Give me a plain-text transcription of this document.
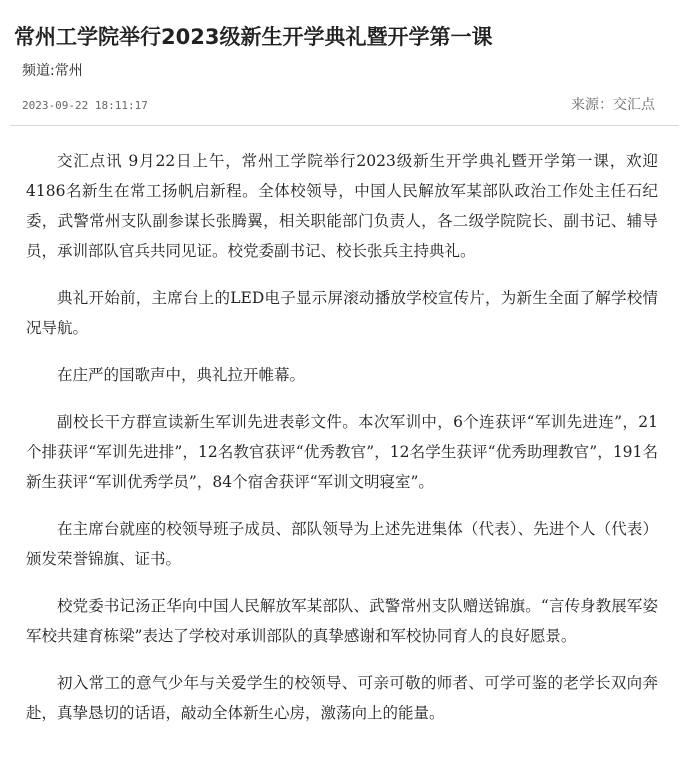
常州工学院举行2023级新生开学典礼暨开学第一课
频道:常州
2023-09-22 18:11:17	来源：交汇点

交汇点讯 9月22日上午，常州工学院举行2023级新生开学典礼暨开学第一课，欢迎4186名新生在常工扬帆启新程。全体校领导，中国人民解放军某部队政治工作处主任石纪委，武警常州支队副参谋长张腾翼，相关职能部门负责人，各二级学院院长、副书记、辅导员，承训部队官兵共同见证。校党委副书记、校长张兵主持典礼。

典礼开始前，主席台上的LED电子显示屏滚动播放学校宣传片，为新生全面了解学校情况导航。

在庄严的国歌声中，典礼拉开帷幕。

副校长干方群宣读新生军训先进表彰文件。本次军训中，6个连获评“军训先进连”，21个排获评“军训先进排”，12名教官获评“优秀教官”，12名学生获评“优秀助理教官”，191名新生获评“军训优秀学员”，84个宿舍获评“军训文明寝室”。

在主席台就座的校领导班子成员、部队领导为上述先进集体（代表）、先进个人（代表）颁发荣誉锦旗、证书。

校党委书记汤正华向中国人民解放军某部队、武警常州支队赠送锦旗。“言传身教展军姿　军校共建育栋梁”表达了学校对承训部队的真挚感谢和军校协同育人的良好愿景。

初入常工的意气少年与关爱学生的校领导、可亲可敬的师者、可学可鉴的老学长双向奔赴，真挚恳切的话语，敲动全体新生心房，激荡向上的能量。
